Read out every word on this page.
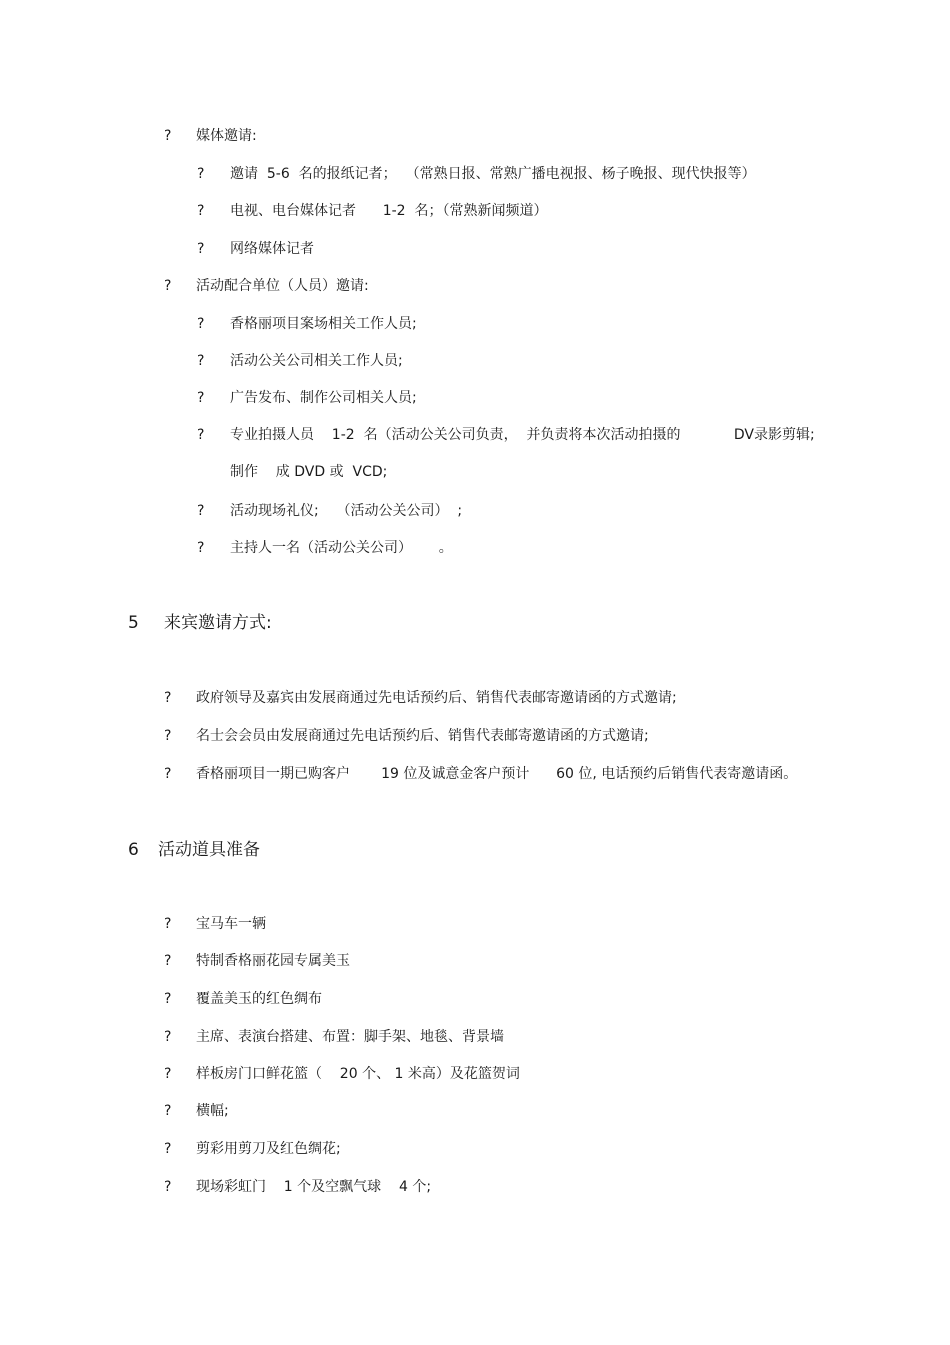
? 媒体邀请:
? 邀请  5-6  名的报纸记者；  （常熟日报、常熟广播电视报、杨子晚报、现代快报等）
? 电视、电台媒体记者      1-2  名；（常熟新闻频道）
? 网络媒体记者
? 活动配合单位（人员）邀请:
? 香格丽项目案场相关工作人员;
? 活动公关公司相关工作人员;
? 广告发布、制作公司相关人员;
? 专业拍摄人员    1-2  名（活动公关公司负责，  并负责将本次活动拍摄的            DV录影剪辑;
制作    成 DVD 或  VCD;
? 活动现场礼仪;    （活动公关公司）  ;
? 主持人一名（活动公关公司）      。
5 来宾邀请方式:
? 政府领导及嘉宾由发展商通过先电话预约后、销售代表邮寄邀请函的方式邀请;
? 名士会会员由发展商通过先电话预约后、销售代表邮寄邀请函的方式邀请;
? 香格丽项目一期已购客户       19 位及诚意金客户预计      60 位, 电话预约后销售代表寄邀请函。
6 活动道具准备
? 宝马车一辆
? 特制香格丽花园专属美玉
? 覆盖美玉的红色绸布
? 主席、表演台搭建、布置：脚手架、地毯、背景墙
? 样板房门口鲜花篮（    20 个、 1 米高）及花篮贺词
? 横幅;
? 剪彩用剪刀及红色绸花;
? 现场彩虹门    1 个及空飘气球    4 个;
